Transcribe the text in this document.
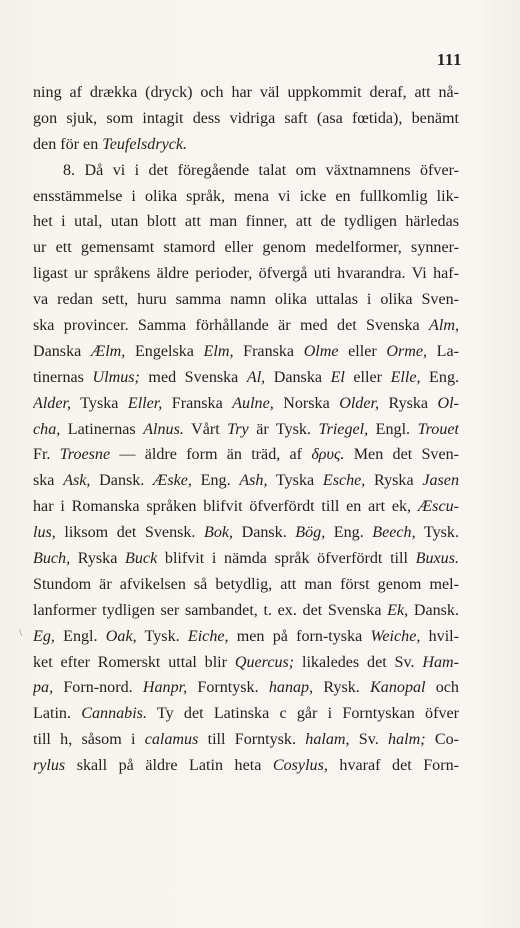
111
\
ning af drækka (dryck) och har väl uppkommit deraf, att nå-
gon sjuk, som intagit dess vidriga saft (asa fœtida), benämt
den för en Teufelsdryck.
8. Då vi i det föregående talat om växtnamnens öfver-
ensstämmelse i olika språk, mena vi icke en fullkomlig lik-
het i utal, utan blott att man finner, att de tydligen härledas
ur ett gemensamt stamord eller genom medelformer, synner-
ligast ur språkens äldre perioder, öfvergå uti hvarandra. Vi haf-
va redan sett, huru samma namn olika uttalas i olika Sven-
ska provincer. Samma förhållande är med det Svenska Alm,
Danska Ælm, Engelska Elm, Franska Olme eller Orme, La-
tinernas Ulmus; med Svenska Al, Danska El eller Elle, Eng.
Alder, Tyska Eller, Franska Aulne, Norska Older, Ryska Ol-
cha, Latinernas Alnus. Vårt Try är Tysk. Triegel, Engl. Trouet
Fr. Troesne — äldre form än träd, af δρυς. Men det Sven-
ska Ask, Dansk. Æske, Eng. Ash, Tyska Esche, Ryska Jasen
har i Romanska språken blifvit öfverfördt till en art ek, Æscu-
lus, liksom det Svensk. Bok, Dansk. Bög, Eng. Beech, Tysk.
Buch, Ryska Buck blifvit i nämda språk öfverfördt till Buxus.
Stundom är afvikelsen så betydlig, att man först genom mel-
lanformer tydligen ser sambandet, t. ex. det Svenska Ek, Dansk.
Eg, Engl. Oak, Tysk. Eiche, men på forn-tyska Weiche, hvil-
ket efter Romerskt uttal blir Quercus; likaledes det Sv. Ham-
pa, Forn-nord. Hanpr, Forntysk. hanap, Rysk. Kanopal och
Latin. Cannabis. Ty det Latinska c går i Forntyskan öfver
till h, såsom i calamus till Forntysk. halam, Sv. halm; Co-
rylus skall på äldre Latin heta Cosylus, hvaraf det Forn-
